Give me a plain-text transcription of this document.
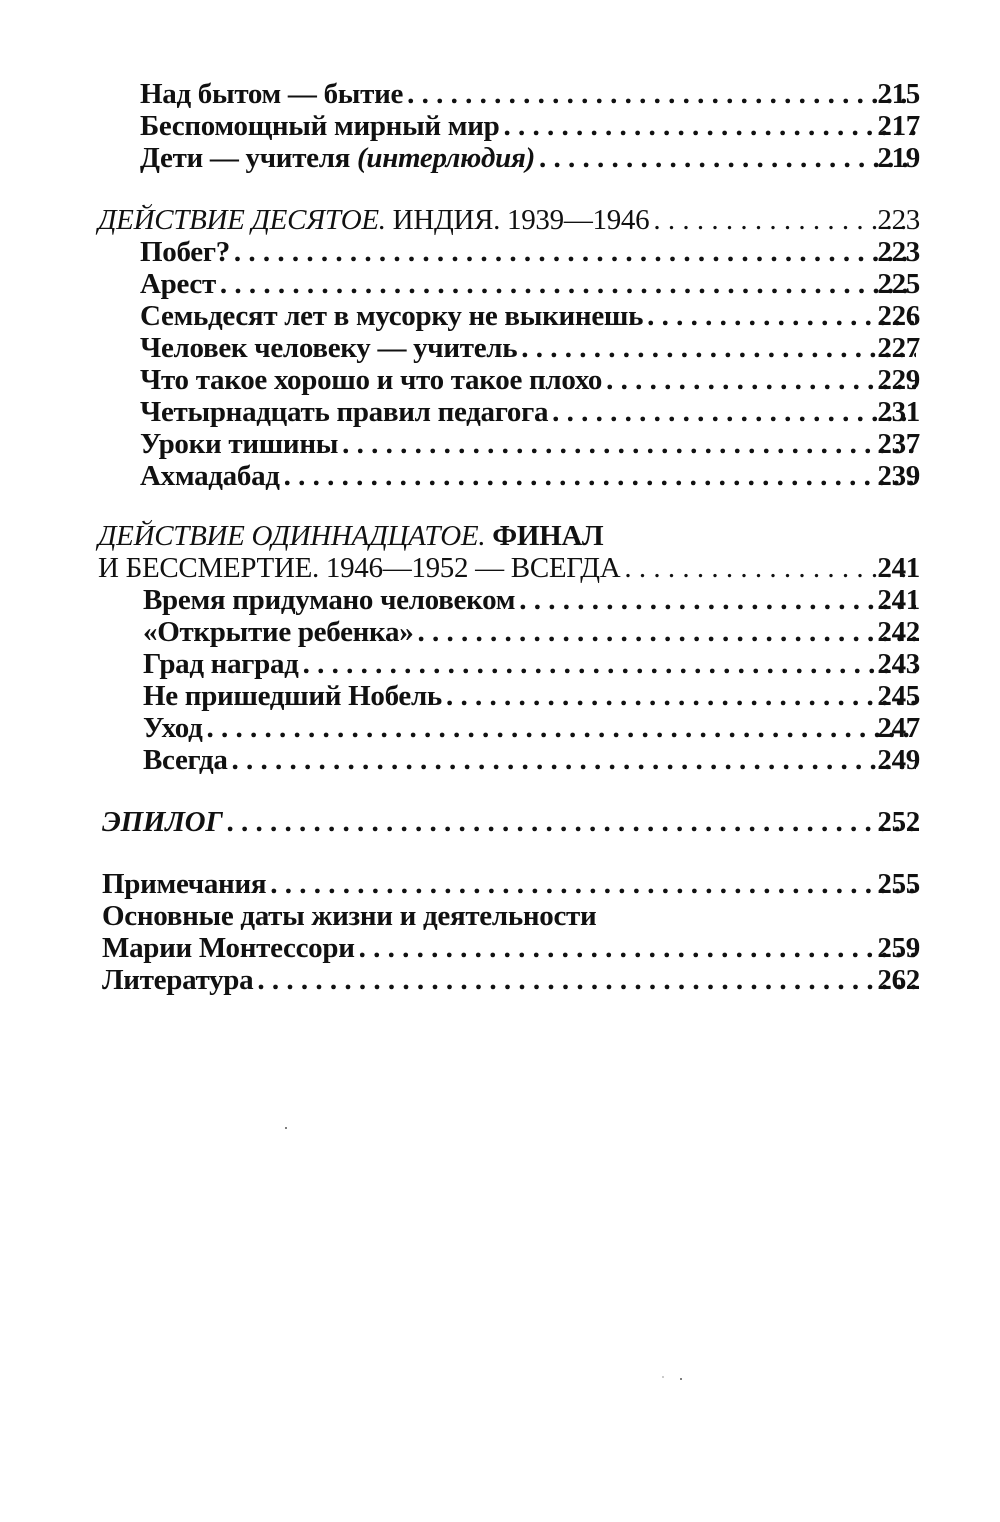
Над бытом — бытие . . .	215
Беспомощный мирный мир . . .	217
Дети — учителя (интерлюдия) . . .	219
ДЕЙСТВИЕ ДЕСЯТОЕ. ИНДИЯ. 1939—1946 . . .	223
Побег? . . .	223
Арест . . .	225
Семьдесят лет в мусорку не выкинешь . . .	226
Человек человеку — учитель . . .	227
Что такое хорошо и что такое плохо . . .	229
Четырнадцать правил педагога . . .	231
Уроки тишины . . .	237
Ахмадабад . . .	239
ДЕЙСТВИЕ ОДИННАДЦАТОЕ. ФИНАЛ
И БЕССМЕРТИЕ. 1946—1952 — ВСЕГДА . . .	241
Время придумано человеком . . .	241
«Открытие ребенка» . . .	242
Град наград . . .	243
Не пришедший Нобель . . .	245
Уход . . .	247
Всегда . . .	249
ЭПИЛОГ . . .	252
Примечания . . .	255
Основные даты жизни и деятельности
Марии Монтессори . . .	259
Литература . . .	262
